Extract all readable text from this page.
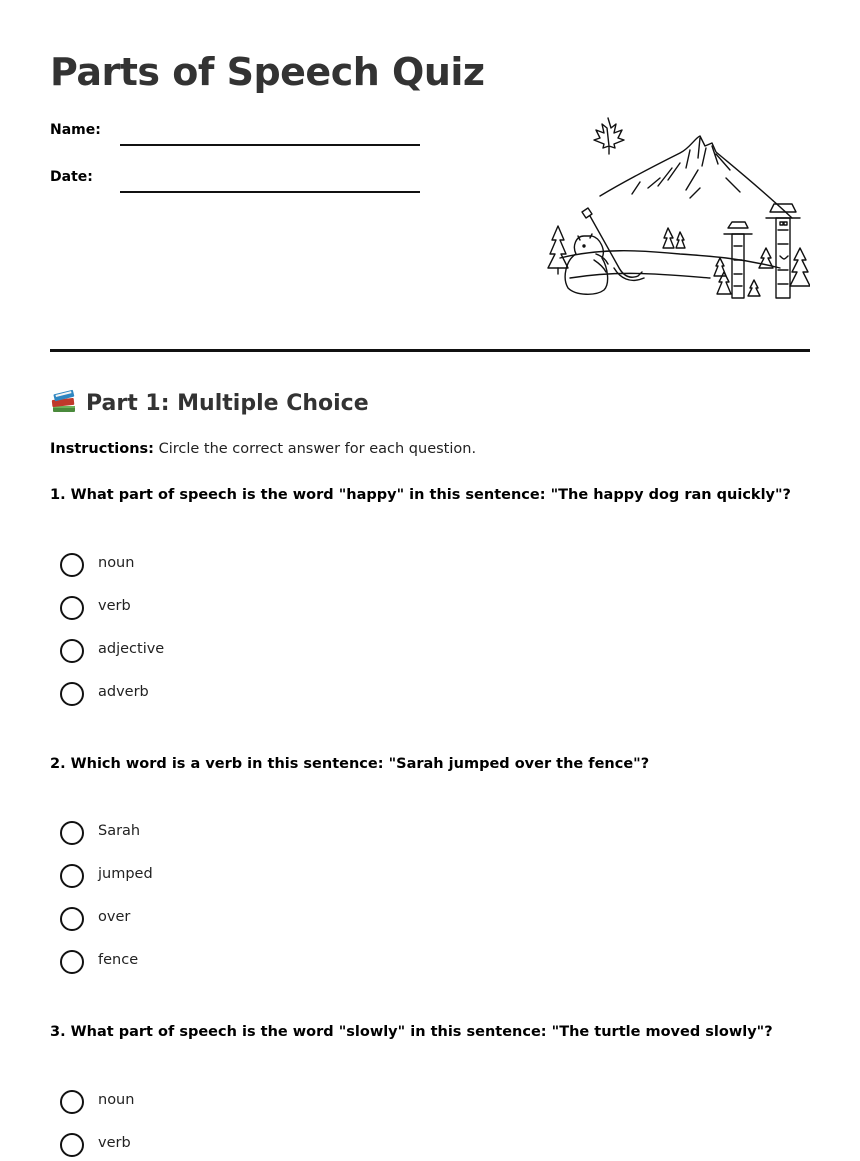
Parts of Speech Quiz
Name:
Date:
Part 1: Multiple Choice
Instructions: Circle the correct answer for each question.
1. What part of speech is the word "happy" in this sentence: "The happy dog ran quickly"?
noun
verb
adjective
adverb
2. Which word is a verb in this sentence: "Sarah jumped over the fence"?
Sarah
jumped
over
fence
3. What part of speech is the word "slowly" in this sentence: "The turtle moved slowly"?
noun
verb
